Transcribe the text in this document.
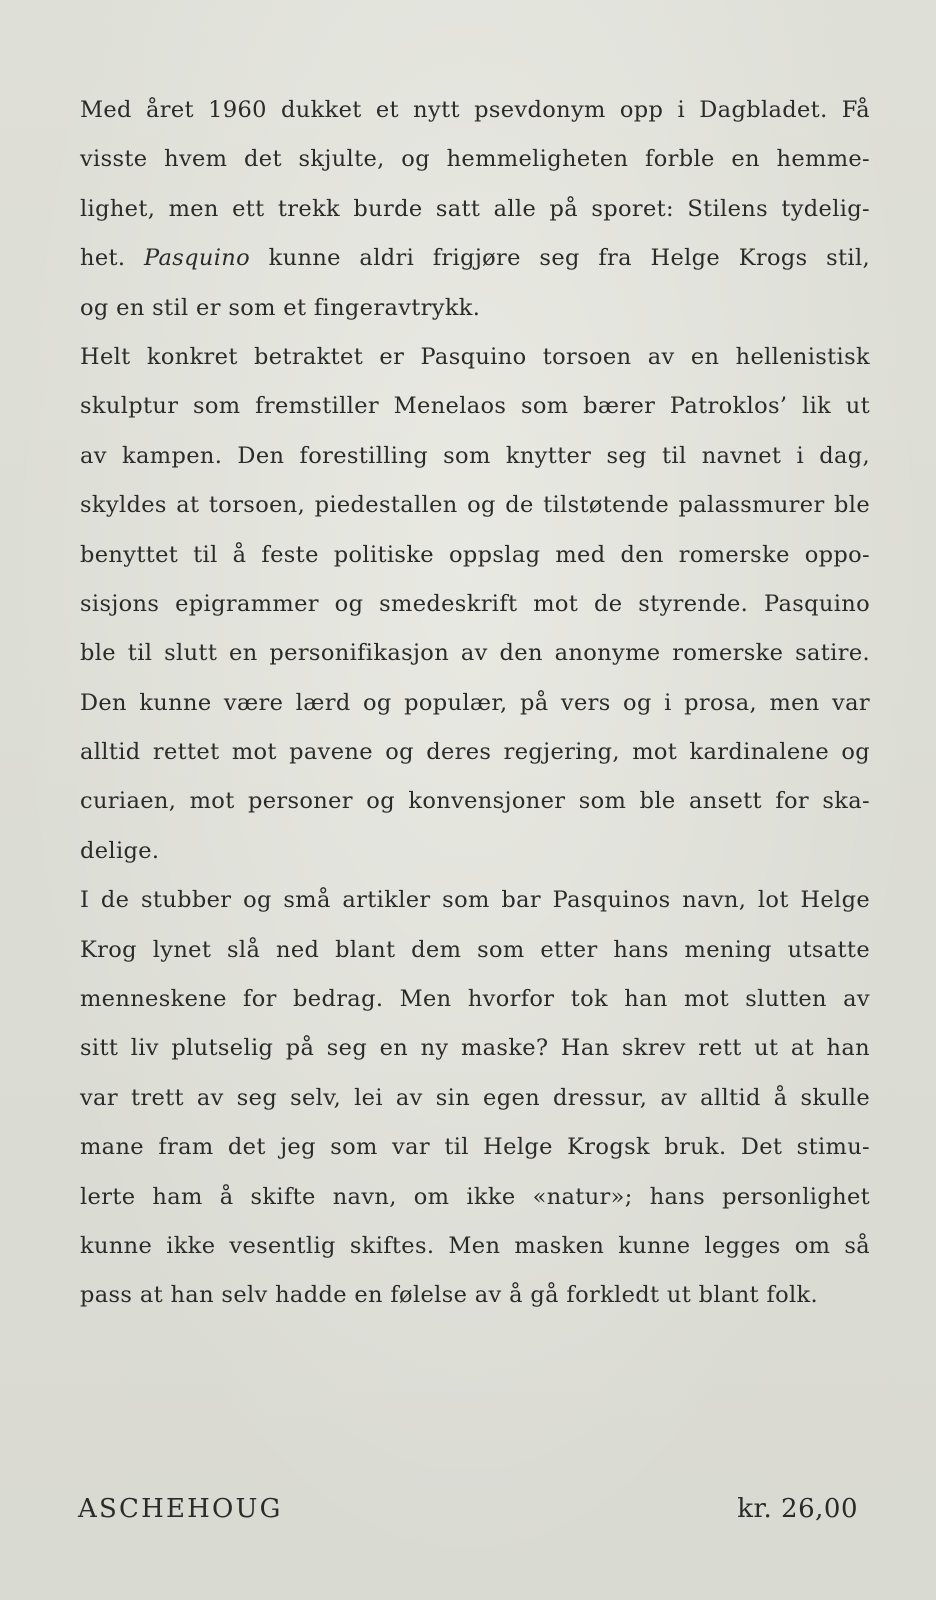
Med året 1960 dukket et nytt psevdonym opp i Dagbladet. Få
visste hvem det skjulte, og hemmeligheten forble en hemme-
lighet, men ett trekk burde satt alle på sporet: Stilens tydelig-
het. Pasquino kunne aldri frigjøre seg fra Helge Krogs stil,
og en stil er som et fingeravtrykk.
Helt konkret betraktet er Pasquino torsoen av en hellenistisk
skulptur som fremstiller Menelaos som bærer Patroklos’ lik ut
av kampen. Den forestilling som knytter seg til navnet i dag,
skyldes at torsoen, piedestallen og de tilstøtende palassmurer ble
benyttet til å feste politiske oppslag med den romerske oppo-
sisjons epigrammer og smedeskrift mot de styrende. Pasquino
ble til slutt en personifikasjon av den anonyme romerske satire.
Den kunne være lærd og populær, på vers og i prosa, men var
alltid rettet mot pavene og deres regjering, mot kardinalene og
curiaen, mot personer og konvensjoner som ble ansett for ska-
delige.
I de stubber og små artikler som bar Pasquinos navn, lot Helge
Krog lynet slå ned blant dem som etter hans mening utsatte
menneskene for bedrag. Men hvorfor tok han mot slutten av
sitt liv plutselig på seg en ny maske? Han skrev rett ut at han
var trett av seg selv, lei av sin egen dressur, av alltid å skulle
mane fram det jeg som var til Helge Krogsk bruk. Det stimu-
lerte ham å skifte navn, om ikke «natur»; hans personlighet
kunne ikke vesentlig skiftes. Men masken kunne legges om så
pass at han selv hadde en følelse av å gå forkledt ut blant folk.
ASCHEHOUG	kr. 26,00
